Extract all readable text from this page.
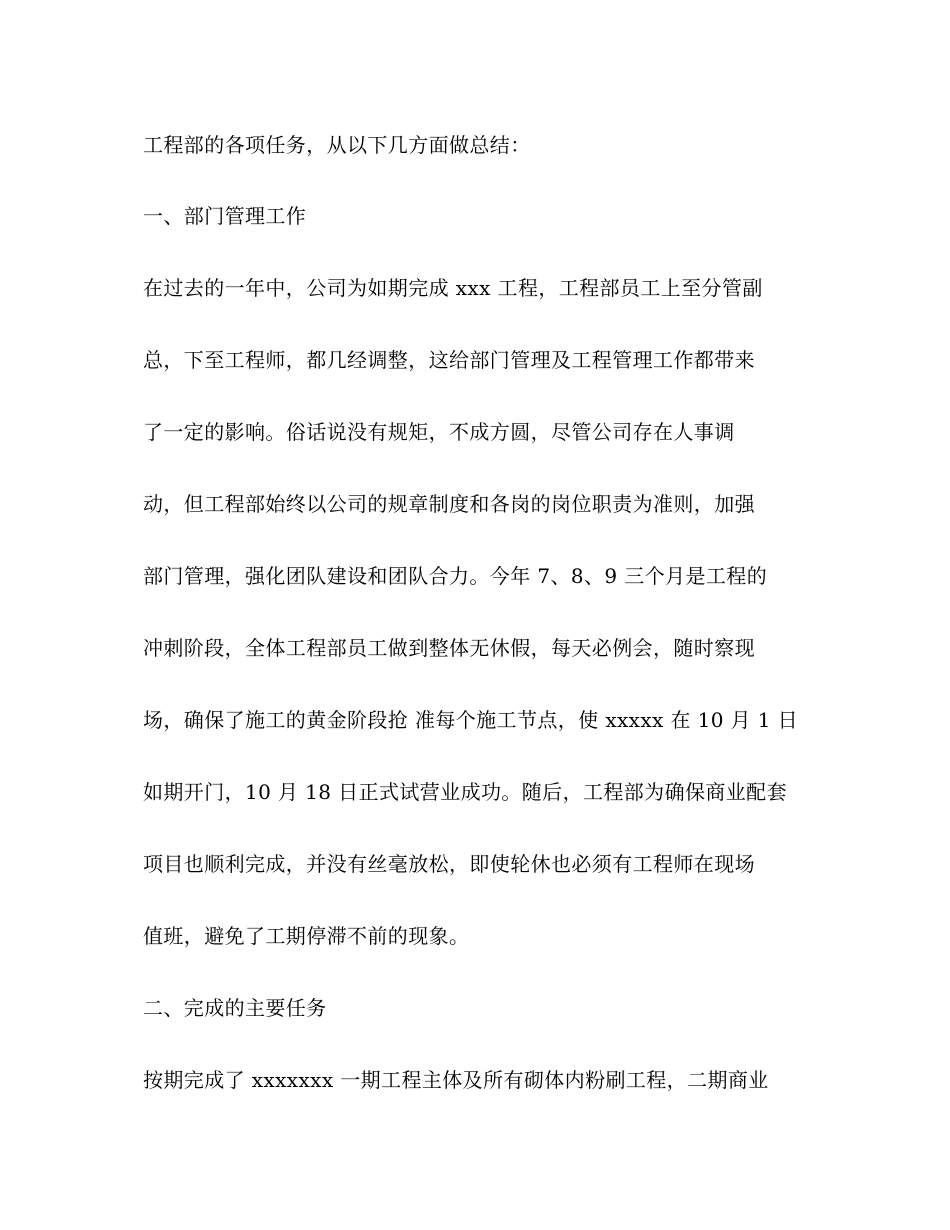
工程部的各项任务，从以下几方面做总结：
一、部门管理工作
在过去的一年中，公司为如期完成 xxx 工程，工程部员工上至分管副
总，下至工程师，都几经调整，这给部门管理及工程管理工作都带来
了一定的影响。俗话说没有规矩，不成方圆，尽管公司存在人事调
动，但工程部始终以公司的规章制度和各岗的岗位职责为准则，加强
部门管理，强化团队建设和团队合力。今年 7、8、9 三个月是工程的
冲刺阶段，全体工程部员工做到整体无休假，每天必例会，随时察现
场，确保了施工的黄金阶段抢 准每个施工节点，使 xxxxx 在 10 月 1 日
如期开门，10 月 18 日正式试营业成功。随后，工程部为确保商业配套
项目也顺利完成，并没有丝毫放松，即使轮休也必须有工程师在现场
值班，避免了工期停滞不前的现象。
二、完成的主要任务
按期完成了 xxxxxxx 一期工程主体及所有砌体内粉刷工程，二期商业
